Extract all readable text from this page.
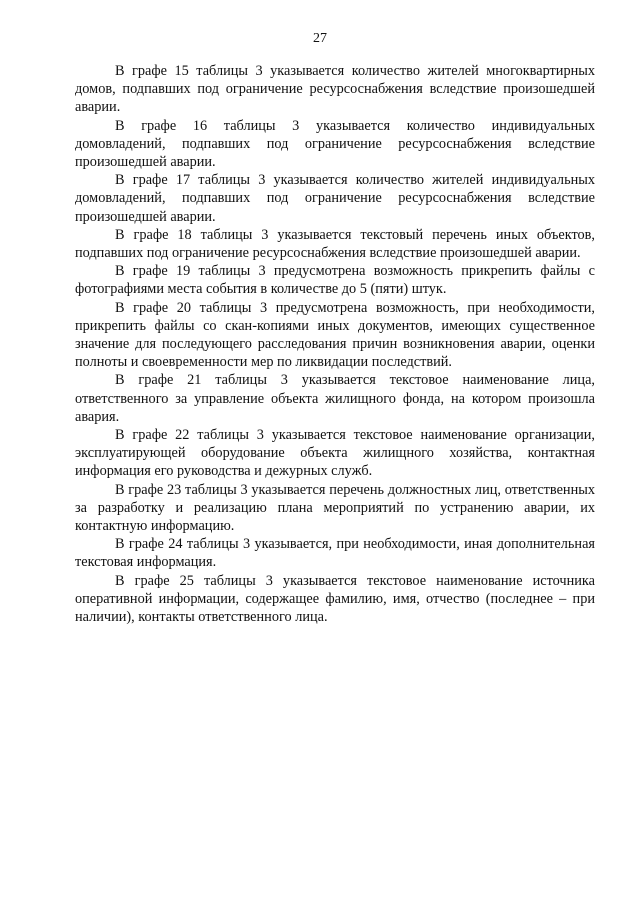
27

В графе 15 таблицы 3 указывается количество жителей многоквартирных домов, подпавших под ограничение ресурсоснабжения вследствие произошедшей аварии.

В графе 16 таблицы 3 указывается количество индивидуальных домовладений, подпавших под ограничение ресурсоснабжения вследствие произошедшей аварии.

В графе 17 таблицы 3 указывается количество жителей индивидуальных домовладений, подпавших под ограничение ресурсоснабжения вследствие произошедшей аварии.

В графе 18 таблицы 3 указывается текстовый перечень иных объектов, подпавших под ограничение ресурсоснабжения вследствие произошедшей аварии.

В графе 19 таблицы 3 предусмотрена возможность прикрепить файлы с фотографиями места события в количестве до 5 (пяти) штук.

В графе 20 таблицы 3 предусмотрена возможность, при необходимости, прикрепить файлы со скан-копиями иных документов, имеющих существенное значение для последующего расследования причин возникновения аварии, оценки полноты и своевременности мер по ликвидации последствий.

В графе 21 таблицы 3 указывается текстовое наименование лица, ответственного за управление объекта жилищного фонда, на котором произошла авария.

В графе 22 таблицы 3 указывается текстовое наименование организации, эксплуатирующей оборудование объекта жилищного хозяйства, контактная информация его руководства и дежурных служб.

В графе 23 таблицы 3 указывается перечень должностных лиц, ответственных за разработку и реализацию плана мероприятий по устранению аварии, их контактную информацию.

В графе 24 таблицы 3 указывается, при необходимости, иная дополнительная текстовая информация.

В графе 25 таблицы 3 указывается текстовое наименование источника оперативной информации, содержащее фамилию, имя, отчество (последнее – при наличии), контакты ответственного лица.
